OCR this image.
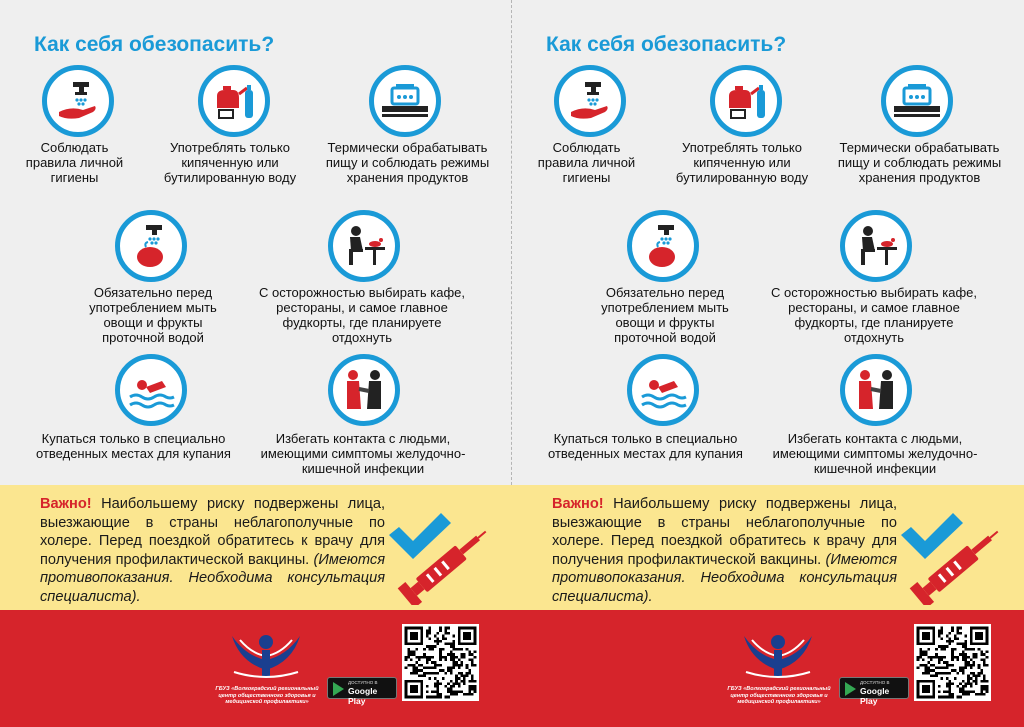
Как себя обезопасить?
Соблюдать правила личной гигиены
Употреблять только кипяченную или бутилированную воду
Термически обрабатывать пищу и соблюдать режимы хранения продуктов
Обязательно перед употреблением мыть овощи и фрукты проточной водой
С осторожностью выбирать кафе, рестораны, и самое главное фудкорты, где планируете отдохнуть
Купаться только в специально отведенных местах для купания
Избегать контакта с людьми, имеющими симптомы желудочно-кишечной инфекции
Важно! Наибольшему риску подвержены лица, выезжающие в страны неблагополучные по холере. Перед поездкой обратитесь к врачу для получения профилактической вакцины. (Имеются противопоказания. Необходима консультация специалиста).
ГБУЗ «Волгоградский региональный центр общественного здоровья и медицинской профилактики»
ДОСТУПНО В
Google Play
Как себя обезопасить?
Соблюдать правила личной гигиены
Употреблять только кипяченную или бутилированную воду
Термически обрабатывать пищу и соблюдать режимы хранения продуктов
Обязательно перед употреблением мыть овощи и фрукты проточной водой
С осторожностью выбирать кафе, рестораны, и самое главное фудкорты, где планируете отдохнуть
Купаться только в специально отведенных местах для купания
Избегать контакта с людьми, имеющими симптомы желудочно-кишечной инфекции
Важно! Наибольшему риску подвержены лица, выезжающие в страны неблагополучные по холере. Перед поездкой обратитесь к врачу для получения профилактической вакцины. (Имеются противопоказания. Необходима консультация специалиста).
ГБУЗ «Волгоградский региональный центр общественного здоровья и медицинской профилактики»
ДОСТУПНО В
Google Play
